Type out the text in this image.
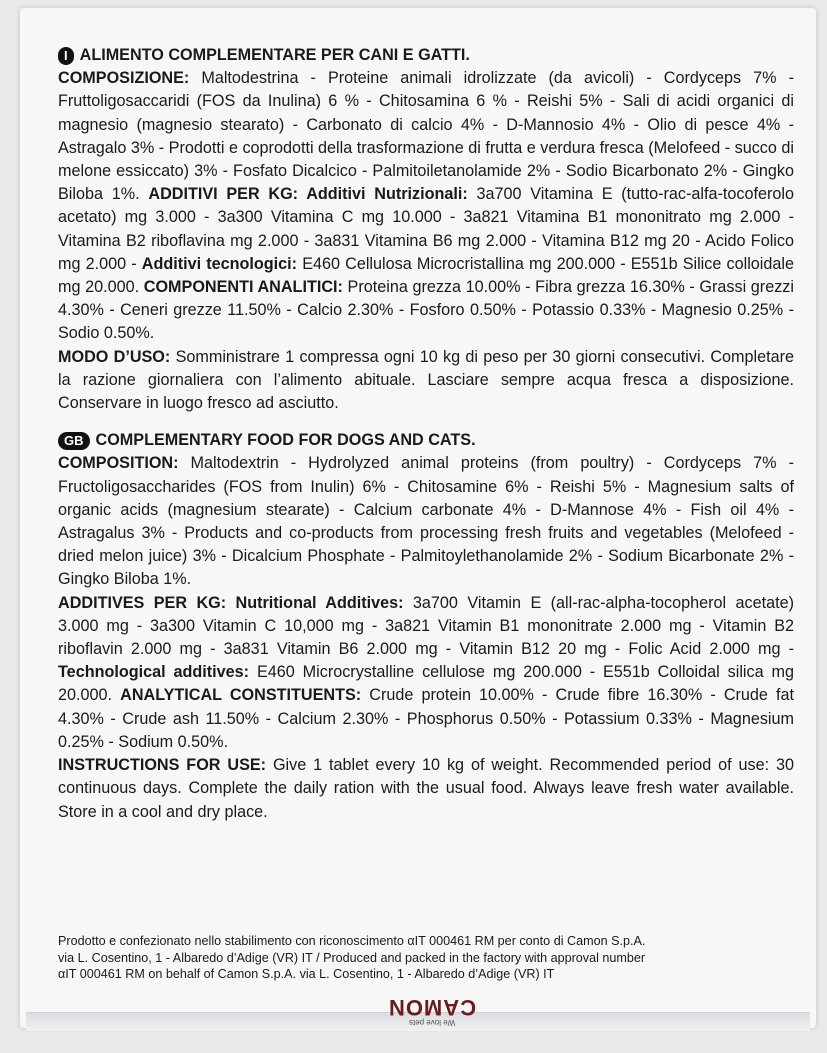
I ALIMENTO COMPLEMENTARE PER CANI E GATTI.

COMPOSIZIONE: Maltodestrina - Proteine animali idrolizzate (da avicoli) - Cordyceps 7% - Fruttoligosaccaridi (FOS da Inulina) 6 % - Chitosamina 6 % - Reishi 5% - Sali di acidi organici di magnesio (magnesio stearato) - Carbonato di calcio 4% - D-Mannosio 4% - Olio di pesce 4% - Astragalo 3% - Prodotti e coprodotti della trasformazione di frutta e verdura fresca (Melofeed - succo di melone essiccato) 3% - Fosfato Dicalcico - Palmitoiletanolamide 2% - Sodio Bicarbonato 2% - Gingko Biloba 1%. ADDITIVI PER KG: Additivi Nutrizionali: 3a700 Vitamina E (tutto-rac-alfa-tocoferolo acetato) mg 3.000 - 3a300 Vitamina C mg 10.000 - 3a821 Vitamina B1 mononitrato mg 2.000 - Vitamina B2 riboflavina mg 2.000 - 3a831 Vitamina B6 mg 2.000 - Vitamina B12 mg 20 - Acido Folico mg 2.000 - Additivi tecnologici: E460 Cellulosa Microcristallina mg 200.000 - E551b Silice colloidale mg 20.000. COMPONENTI ANALITICI: Proteina grezza 10.00% - Fibra grezza 16.30% - Grassi grezzi 4.30% - Ceneri grezze 11.50% - Calcio 2.30% - Fosforo 0.50% - Potassio 0.33% - Magnesio 0.25% - Sodio 0.50%.

MODO D’USO: Somministrare 1 compressa ogni 10 kg di peso per 30 giorni consecutivi. Completare la razione giornaliera con l’alimento abituale. Lasciare sempre acqua fresca a disposizione. Conservare in luogo fresco ad asciutto.

GB COMPLEMENTARY FOOD FOR DOGS AND CATS.

COMPOSITION: Maltodextrin - Hydrolyzed animal proteins (from poultry) - Cordyceps 7% - Fructoligosaccharides (FOS from Inulin) 6% - Chitosamine 6% - Reishi 5% - Magnesium salts of organic acids (magnesium stearate) - Calcium carbonate 4% - D-Mannose 4% - Fish oil 4% - Astragalus 3% - Products and co-products from processing fresh fruits and vegetables (Melofeed - dried melon juice) 3% - Dicalcium Phosphate - Palmitoylethanolamide 2% - Sodium Bicarbonate 2% - Gingko Biloba 1%.

ADDITIVES PER KG: Nutritional Additives: 3a700 Vitamin E (all-rac-alpha-tocopherol acetate) 3.000 mg - 3a300 Vitamin C 10,000 mg - 3a821 Vitamin B1 mononitrate 2.000 mg - Vitamin B2 riboflavin 2.000 mg - 3a831 Vitamin B6 2.000 mg - Vitamin B12 20 mg - Folic Acid 2.000 mg - Technological additives: E460 Microcrystalline cellulose mg 200.000 - E551b Colloidal silica mg 20.000. ANALYTICAL CONSTITUENTS: Crude protein 10.00% - Crude fibre 16.30% - Crude fat 4.30% - Crude ash 11.50% - Calcium 2.30% - Phosphorus 0.50% - Potassium 0.33% - Magnesium 0.25% - Sodium 0.50%.

INSTRUCTIONS FOR USE: Give 1 tablet every 10 kg of weight. Recommended period of use: 30 continuous days. Complete the daily ration with the usual food. Always leave fresh water available. Store in a cool and dry place.

Prodotto e confezionato nello stabilimento con riconoscimento αIT 000461 RM per conto di Camon S.p.A.
via L. Cosentino, 1 - Albaredo d’Adige (VR) IT / Produced and packed in the factory with approval number
αIT 000461 RM on behalf of Camon S.p.A. via L. Cosentino, 1 - Albaredo d’Adige (VR) IT
We love pets
CAMON
